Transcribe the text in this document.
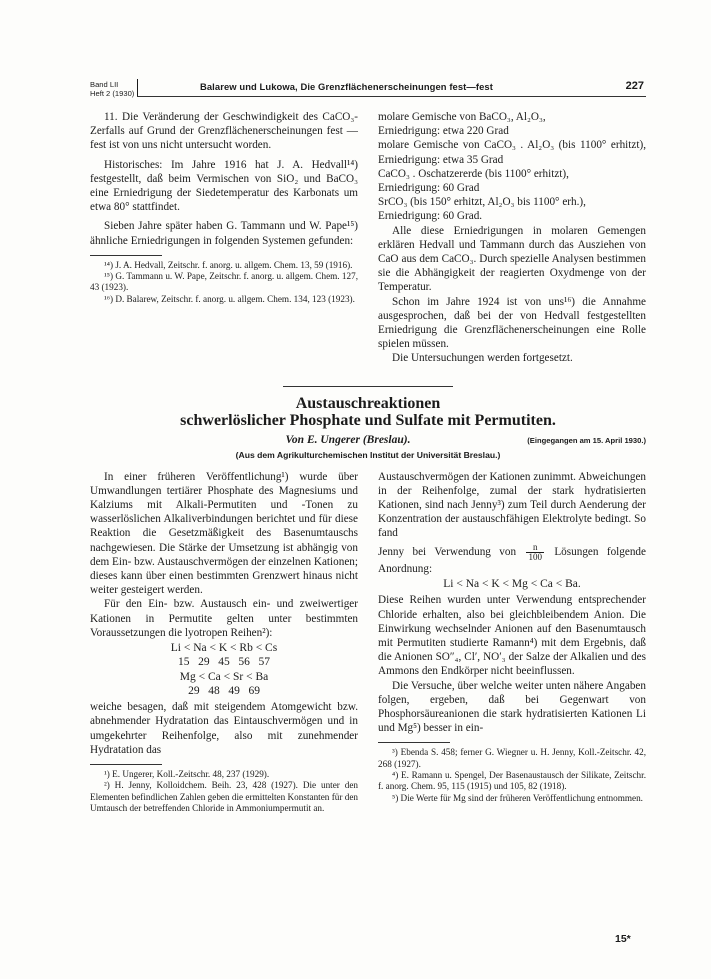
Band LII
Heft 2 (1930)
Balarew und Lukowa, Die Grenzflächenerscheinungen fest—fest	227

11. Die Veränderung der Geschwindigkeit des CaCO₃-Zerfalls auf Grund der Grenzflächenerscheinungen fest — fest ist von uns nicht untersucht worden.

Historisches: Im Jahre 1916 hat J. A. Hedvall¹⁴) festgestellt, daß beim Vermischen von SiO₂ und BaCO₃ eine Erniedrigung der Siedetemperatur des Karbonats um etwa 80° stattfindet.

Sieben Jahre später haben G. Tammann und W. Pape¹⁵) ähnliche Erniedrigungen in folgenden Systemen gefunden:

¹⁴) J. A. Hedvall, Zeitschr. f. anorg. u. allgem. Chem. 13, 59 (1916).

¹⁵) G. Tammann u. W. Pape, Zeitschr. f. anorg. u. allgem. Chem. 127, 43 (1923).

¹⁶) D. Balarew, Zeitschr. f. anorg. u. allgem. Chem. 134, 123 (1923).

molare Gemische von BaCO₃, Al₂O₃,

Erniedrigung: etwa 220 Grad

molare Gemische von CaCO₃ . Al₂O₃ (bis 1100° erhitzt), Erniedrigung: etwa 35 Grad

CaCO₃ . Oschatzererde (bis 1100° erhitzt),

Erniedrigung: 60 Grad

SrCO₃ (bis 150° erhitzt, Al₂O₃ bis 1100° erh.),

Erniedrigung: 60 Grad.

Alle diese Erniedrigungen in molaren Gemengen erklären Hedvall und Tammann durch das Ausziehen von CaO aus dem CaCO₃. Durch spezielle Analysen bestimmen sie die Abhängigkeit der reagierten Oxydmenge von der Temperatur.

Schon im Jahre 1924 ist von uns¹⁶) die Annahme ausgesprochen, daß bei der von Hedvall festgestellten Erniedrigung die Grenzflächenerscheinungen eine Rolle spielen müssen.

Die Untersuchungen werden fortgesetzt.

Austauschreaktionen
schwerlöslicher Phosphate und Sulfate mit Permutiten.
Von E. Ungerer (Breslau).	(Eingegangen am 15. April 1930.)
(Aus dem Agrikulturchemischen Institut der Universität Breslau.)

In einer früheren Veröffentlichung¹) wurde über Umwandlungen tertiärer Phosphate des Magnesiums und Kalziums mit Alkali-Permutiten und -Tonen zu wasserlöslichen Alkaliverbindungen berichtet und für diese Reaktion die Gesetzmäßigkeit des Basenumtauschs nachgewiesen. Die Stärke der Umsetzung ist abhängig von dem Ein- bzw. Austauschvermögen der einzelnen Kationen; dieses kann über einen bestimmten Grenzwert hinaus nicht weiter gesteigert werden.

Für den Ein- bzw. Austausch ein- und zweiwertiger Kationen in Permutite gelten unter bestimmten Voraussetzungen die lyotropen Reihen²):

Li < Na < K < Rb < Cs
15   29   45   56   57
Mg < Ca < Sr < Ba
29   48   49   69

weiche besagen, daß mit steigendem Atomgewicht bzw. abnehmender Hydratation das Eintauschvermögen und in umgekehrter Reihenfolge, also mit zunehmender Hydratation das

¹) E. Ungerer, Koll.-Zeitschr. 48, 237 (1929).

²) H. Jenny, Kolloidchem. Beih. 23, 428 (1927). Die unter den Elementen befindlichen Zahlen geben die ermittelten Konstanten für den Umtausch der betreffenden Chloride in Ammoniumpermutit an.

Austauschvermögen der Kationen zunimmt. Abweichungen in der Reihenfolge, zumal der stark hydratisierten Kationen, sind nach Jenny³) zum Teil durch Aenderung der Konzentration der austauschfähigen Elektrolyte bedingt. So fand

Jenny bei Verwendung von $\frac{n}{100}$ Lösungen folgende Anordnung:

Li < Na < K < Mg < Ca < Ba.

Diese Reihen wurden unter Verwendung entsprechender Chloride erhalten, also bei gleichbleibendem Anion. Die Einwirkung wechselnder Anionen auf den Basenumtausch mit Permutiten studierte Ramann⁴) mit dem Ergebnis, daß die Anionen SO″₄, Cl′, NO′₃ der Salze der Alkalien und des Ammons den Endkörper nicht beeinflussen.

Die Versuche, über welche weiter unten nähere Angaben folgen, ergeben, daß bei Gegenwart von Phosphorsäureanionen die stark hydratisierten Kationen Li und Mg⁵) besser in ein-

³) Ebenda S. 458; ferner G. Wiegner u. H. Jenny, Koll.-Zeitschr. 42, 268 (1927).

⁴) E. Ramann u. Spengel, Der Basenaustausch der Silikate, Zeitschr. f. anorg. Chem. 95, 115 (1915) und 105, 82 (1918).

⁵) Die Werte für Mg sind der früheren Veröffentlichung entnommen.

15*
